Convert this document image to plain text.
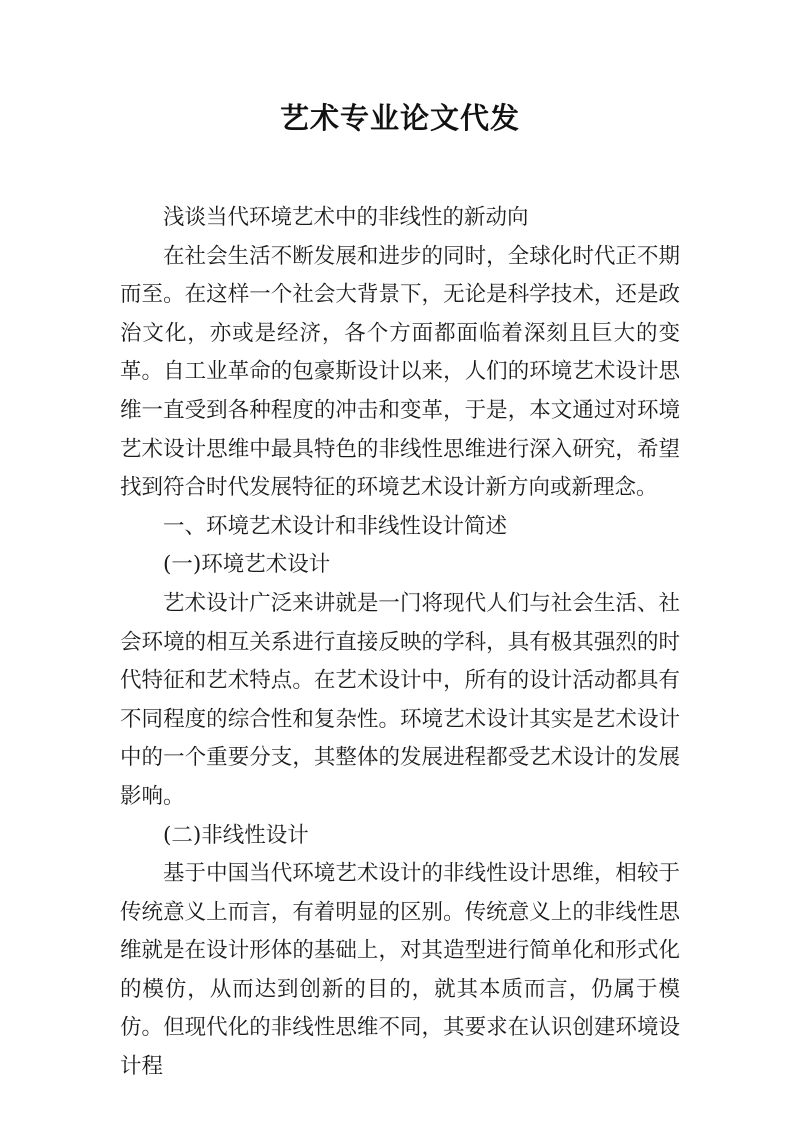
艺术专业论文代发

浅谈当代环境艺术中的非线性的新动向

在社会生活不断发展和进步的同时，全球化时代正不期而至。在这样一个社会大背景下，无论是科学技术，还是政治文化，亦或是经济，各个方面都面临着深刻且巨大的变革。自工业革命的包豪斯设计以来，人们的环境艺术设计思维一直受到各种程度的冲击和变革，于是，本文通过对环境艺术设计思维中最具特色的非线性思维进行深入研究，希望找到符合时代发展特征的环境艺术设计新方向或新理念。

一、环境艺术设计和非线性设计简述

(一)环境艺术设计

艺术设计广泛来讲就是一门将现代人们与社会生活、社会环境的相互关系进行直接反映的学科，具有极其强烈的时代特征和艺术特点。在艺术设计中，所有的设计活动都具有不同程度的综合性和复杂性。环境艺术设计其实是艺术设计中的一个重要分支，其整体的发展进程都受艺术设计的发展影响。

(二)非线性设计

基于中国当代环境艺术设计的非线性设计思维，相较于传统意义上而言，有着明显的区别。传统意义上的非线性思维就是在设计形体的基础上，对其造型进行简单化和形式化的模仿，从而达到创新的目的，就其本质而言，仍属于模仿。但现代化的非线性思维不同，其要求在认识创建环境设计程
